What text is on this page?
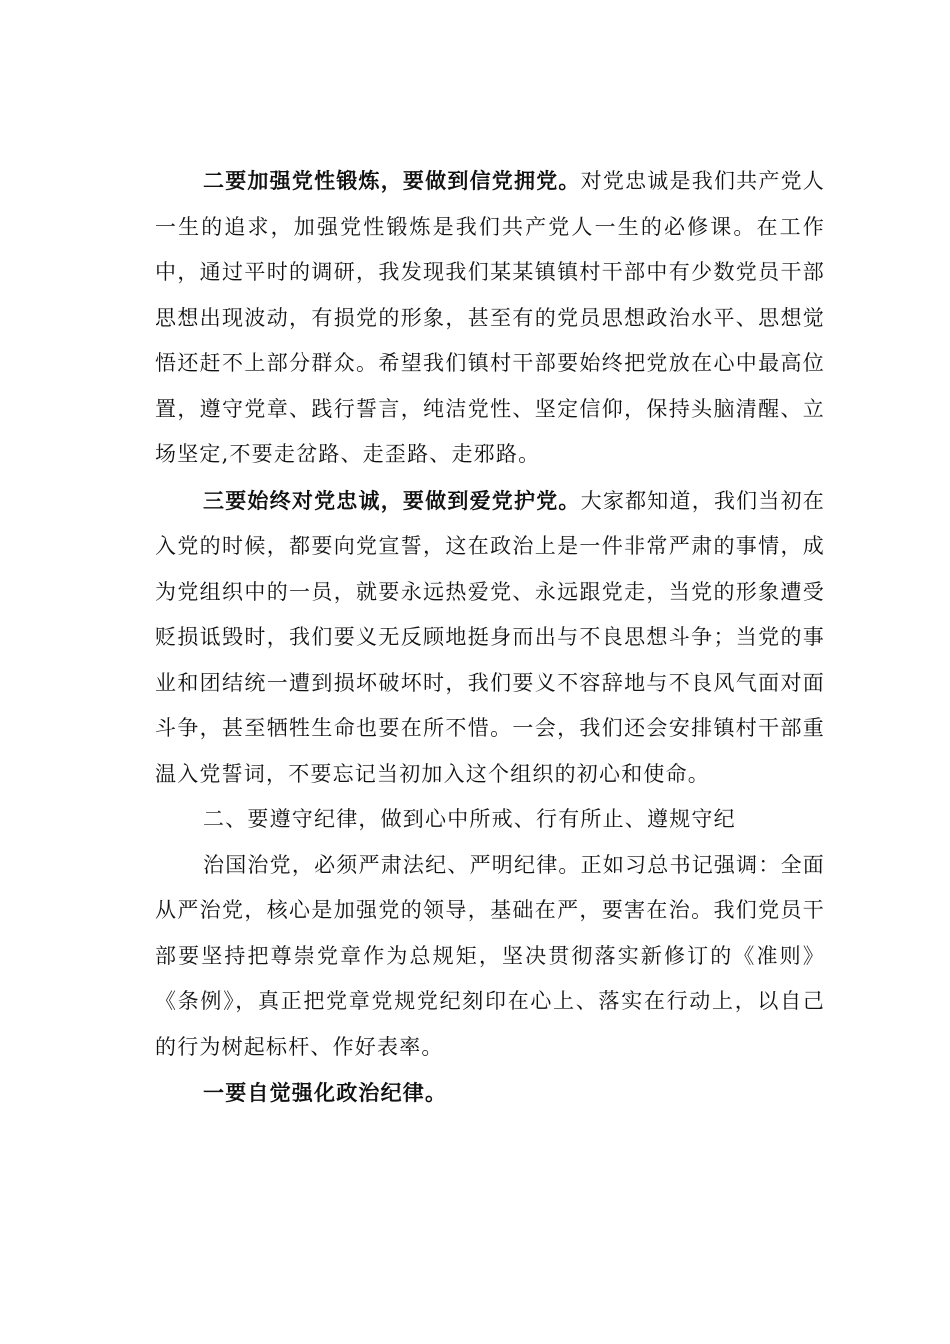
二要加强党性锻炼，要做到信党拥党。对党忠诚是我们共产党人一生的追求，加强党性锻炼是我们共产党人一生的必修课。在工作中，通过平时的调研，我发现我们某某镇镇村干部中有少数党员干部思想出现波动，有损党的形象，甚至有的党员思想政治水平、思想觉悟还赶不上部分群众。希望我们镇村干部要始终把党放在心中最高位置，遵守党章、践行誓言，纯洁党性、坚定信仰，保持头脑清醒、立场坚定,不要走岔路、走歪路、走邪路。

三要始终对党忠诚，要做到爱党护党。大家都知道，我们当初在入党的时候，都要向党宣誓，这在政治上是一件非常严肃的事情，成为党组织中的一员，就要永远热爱党、永远跟党走，当党的形象遭受贬损诋毁时，我们要义无反顾地挺身而出与不良思想斗争；当党的事业和团结统一遭到损坏破坏时，我们要义不容辞地与不良风气面对面斗争，甚至牺牲生命也要在所不惜。一会，我们还会安排镇村干部重温入党誓词，不要忘记当初加入这个组织的初心和使命。

二、要遵守纪律，做到心中所戒、行有所止、遵规守纪

治国治党，必须严肃法纪、严明纪律。正如习总书记强调：全面从严治党，核心是加强党的领导，基础在严，要害在治。我们党员干部要坚持把尊崇党章作为总规矩，坚决贯彻落实新修订的《准则》《条例》，真正把党章党规党纪刻印在心上、落实在行动上，以自己的行为树起标杆、作好表率。

一要自觉强化政治纪律。
